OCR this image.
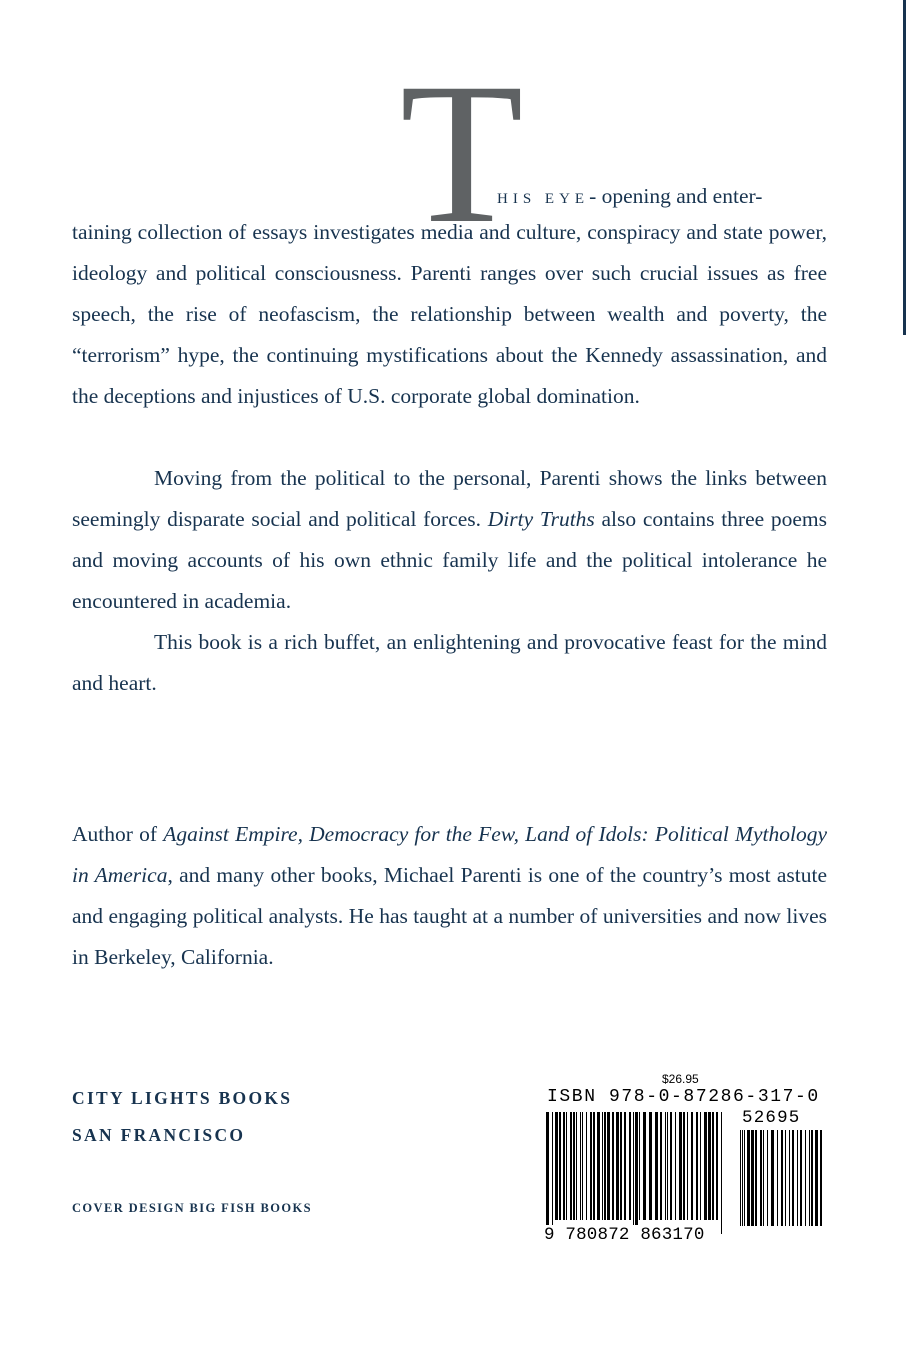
T

HIS EYE- opening and enter-

taining collection of essays investigates media and culture, conspiracy and state power, ideology and political consciousness. Parenti ranges over such crucial issues as free speech, the rise of neofascism, the relationship between wealth and poverty, the “terrorism” hype, the continuing mystifications about the Kennedy assassination, and the deceptions and injustices of U.S. corporate global domination.

Moving from the political to the personal, Parenti shows the links between seemingly disparate social and political forces. Dirty Truths also contains three poems and moving accounts of his own ethnic family life and the political intolerance he encountered in academia.

This book is a rich buffet, an enlightening and provocative feast for the mind and heart.

Author of Against Empire, Democracy for the Few, Land of Idols: Political Mythology in America, and many other books, Michael Parenti is one of the country’s most astute and engaging political analysts. He has taught at a number of universities and now lives in Berkeley, California.

CITY LIGHTS BOOKS

SAN FRANCISCO

COVER DESIGN BIG FISH BOOKS

$26.95
ISBN 978-0-87286-317-0
52695
9 780872 863170
